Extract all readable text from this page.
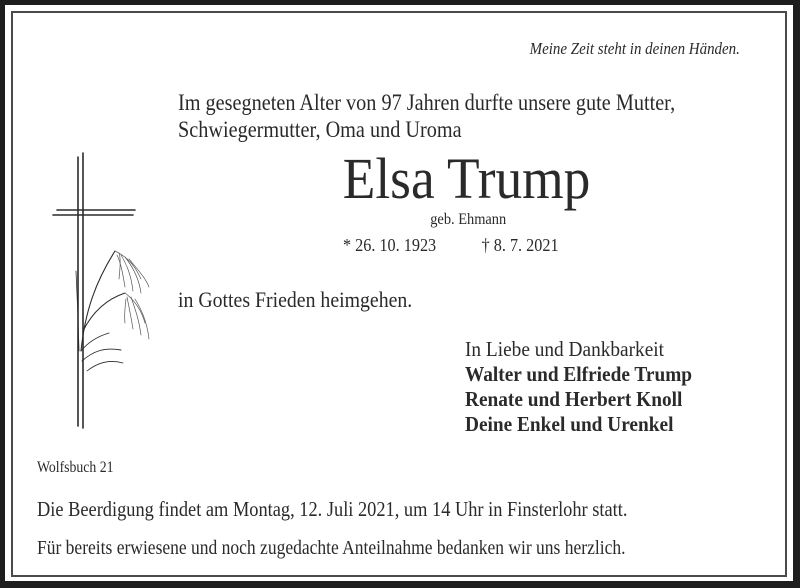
Meine Zeit steht in deinen Händen.
Im gesegneten Alter von 97 Jahren durfte unsere gute Mutter,
Schwiegermutter, Oma und Uroma
Elsa Trump
geb. Ehmann
* 26. 10. 1923	† 8. 7. 2021
in Gottes Frieden heimgehen.
In Liebe und Dankbarkeit
Walter und Elfriede Trump
Renate und Herbert Knoll
Deine Enkel und Urenkel
Wolfsbuch 21
Die Beerdigung findet am Montag, 12. Juli 2021, um 14 Uhr in Finsterlohr statt.
Für bereits erwiesene und noch zugedachte Anteilnahme bedanken wir uns herzlich.
